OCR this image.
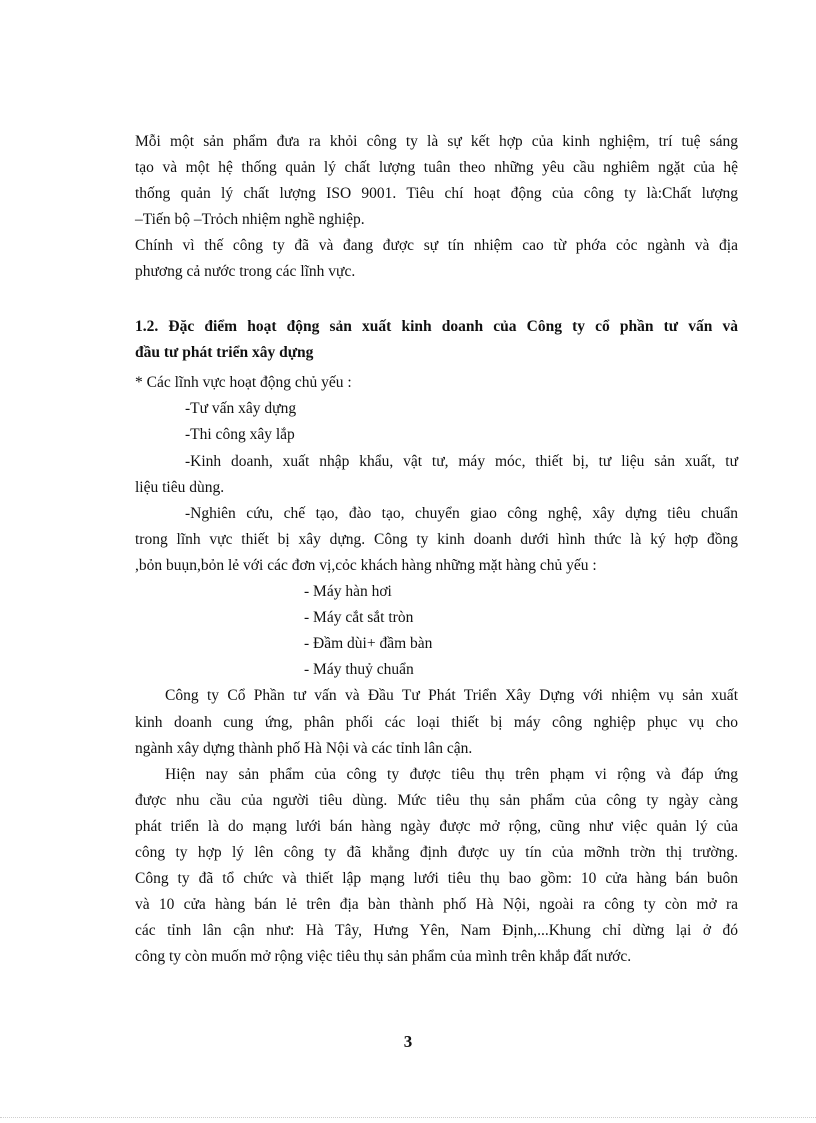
Mỗi một sản phẩm đưa ra khỏi công ty là sự kết hợp của kinh nghiệm, trí tuệ sáng
tạo và một hệ thống quản lý chất lượng tuân theo những yêu cầu nghiêm ngặt của hệ
thống quản lý chất lượng ISO 9001. Tiêu chí hoạt động của công ty là:Chất lượng
–Tiến bộ –Trỏch nhiệm nghề nghiệp.
Chính vì thế công ty đã và đang được sự tín nhiệm cao từ phớa cỏc ngành và địa
phương cả nước trong các lĩnh vực.
1.2. Đặc điểm hoạt động sản xuất kinh doanh của Công ty cổ phần tư vấn và
đầu tư phát triển xây dựng
* Các lĩnh vực hoạt động chủ yếu :
-Tư vấn xây dựng
-Thi công xây lắp
-Kinh doanh, xuất nhập khẩu, vật tư, máy móc, thiết bị, tư liệu sản xuất, tư
liệu tiêu dùng.
-Nghiên cứu, chế tạo, đào tạo, chuyển giao công nghệ, xây dựng tiêu chuẩn
trong lĩnh vực thiết bị xây dựng. Công ty kinh doanh dưới hình thức là ký hợp đồng
,bỏn buụn,bỏn lẻ với các đơn vị,cỏc khách hàng những mặt hàng chủ yếu :
- Máy hàn hơi
- Máy cắt sắt tròn
- Đầm dùi+ đầm bàn
- Máy thuỷ chuẩn
Công ty Cổ Phần tư vấn và Đầu Tư Phát Triển Xây Dựng với nhiệm vụ sản xuất
kinh doanh cung ứng, phân phối các loại thiết bị máy công nghiệp phục vụ cho
ngành xây dựng thành phố Hà Nội và các tỉnh lân cận.
Hiện nay sản phẩm của công ty được tiêu thụ trên phạm vi rộng và đáp ứng
được nhu cầu của người tiêu dùng. Mức tiêu thụ sản phẩm của công ty ngày càng
phát triển là do mạng lưới bán hàng ngày được mở rộng, cũng như việc quản lý của
công ty hợp lý lên công ty đã khẳng định được uy tín của mỡnh trờn thị trường.
Công ty đã tổ chức và thiết lập mạng lưới tiêu thụ bao gồm: 10 cửa hàng bán buôn
và 10 cửa hàng bán lẻ trên địa bàn thành phố Hà Nội, ngoài ra công ty còn mở ra
các tỉnh lân cận như: Hà Tây, Hưng Yên, Nam Định,...Khung chỉ dừng lại ở đó
công ty còn muốn mở rộng việc tiêu thụ sản phẩm của mình trên khắp đất nước.
3
